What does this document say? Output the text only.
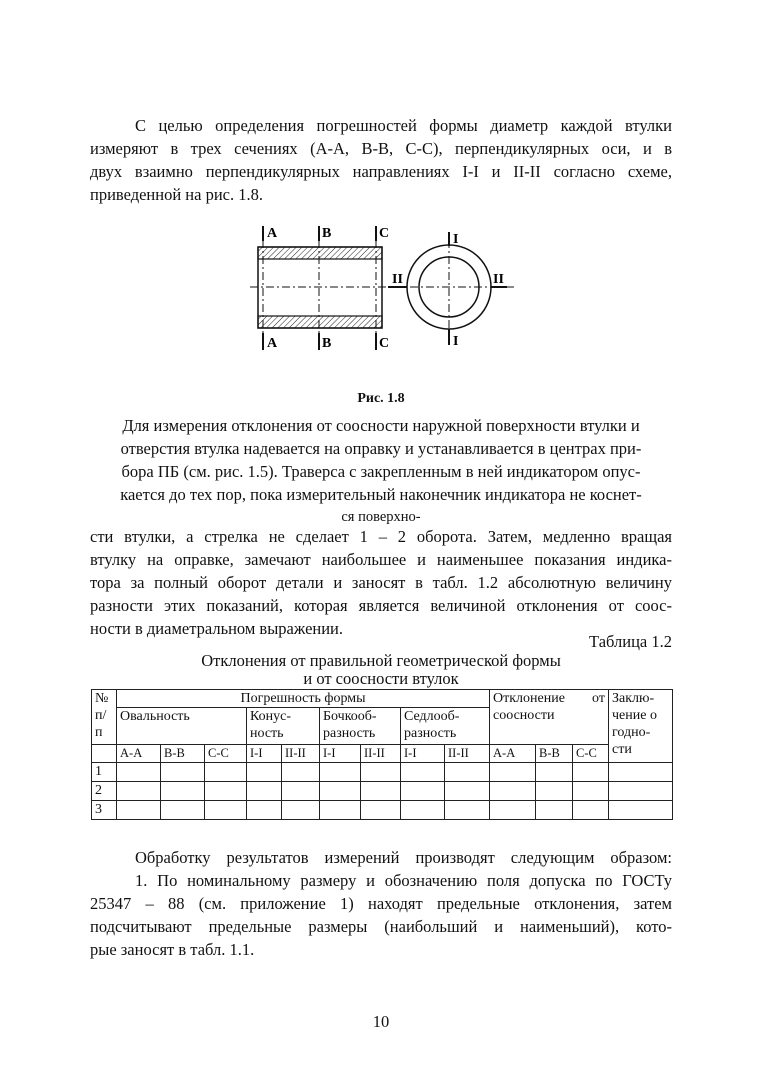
С целью определения погрешностей формы диаметр каждой втулки
измеряют в трех сечениях (А-А, В-В, С-С), перпендикулярных оси, и в
двух взаимно перпендикулярных направлениях I-I и II-II согласно схеме,
приведенной на рис. 1.8.
A	B	C
A	B	C
I
I
II	II
Рис. 1.8
Для измерения отклонения от соосности наружной поверхности втулки и
отверстия втулка надевается на оправку и устанавливается в центрах при-
бора ПБ (см. рис. 1.5). Траверса с закрепленным в ней индикатором опус-
кается до тех пор, пока измерительный наконечник индикатора не коснет-
ся поверхно-
сти втулки, а стрелка не сделает 1 – 2 оборота. Затем, медленно вращая
втулку на оправке, замечают наибольшее и наименьшее показания индика-
тора за полный оборот детали и заносят в табл. 1.2 абсолютную величину
разности этих показаний, которая является величиной отклонения от соос-
ности в диаметральном выражении.
Таблица 1.2
Отклонения от правильной геометрической формы
и от соосности втулок
№ п/ п	Погрешность формы									Отклонение от соосности			Заклю- чение о годно- сти
	Овальность			Конус- ность		Бочкооб- разность		Седлооб- разность					
	А-А	В-В	С-С	I-I	II-II	I-I	II-II	I-I	II-II	А-А	В-В	С-С	
1													
2													
3													
Обработку результатов измерений производят следующим образом:
1. По номинальному размеру и обозначению поля допуска по ГОСТу
25347 – 88 (см. приложение 1) находят предельные отклонения, затем
подсчитывают предельные размеры (наибольший и наименьший), кото-
рые заносят в табл. 1.1.
10
